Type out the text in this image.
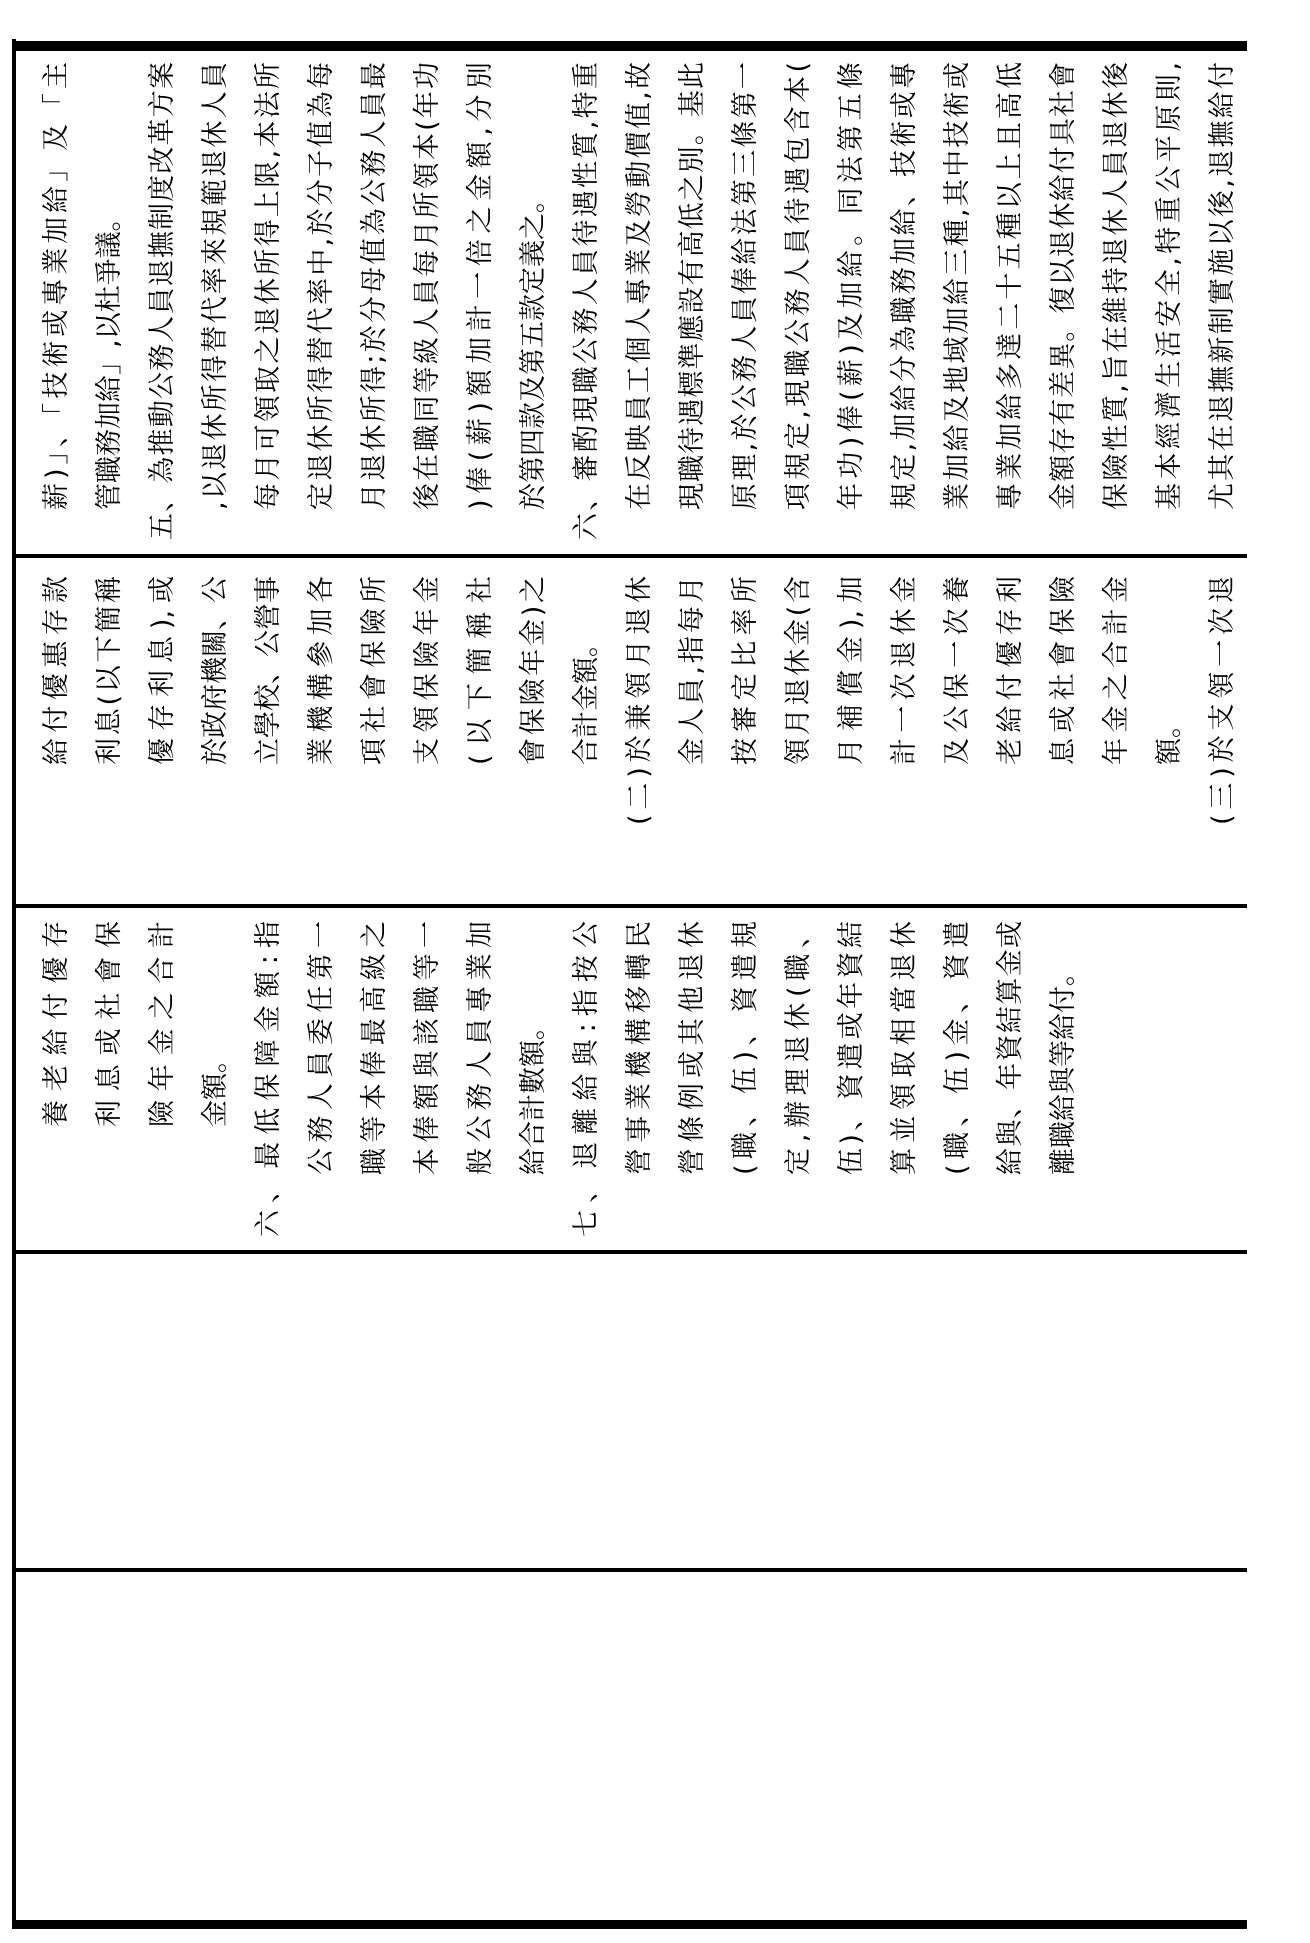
養老給付優存 利息或社會保 險年金之合計 金額。 六、最低保障金額:指 公務人員委任第一 職等本俸最高級之 本俸額與該職等一 般公務人員專業加 給合計數額。 七、退離給與:指按公 營事業機構移轉民 營條例或其他退休 (職、伍)、資遣規 定,辦理退休(職、 伍)、資遣或年資結 算並領取相當退休 (職、伍)金、資遣 給與、年資結算金或 離職給與等給付。
給付優惠存款 利息(以下簡稱 優存利息),或 於政府機關、公 立學校、公營事 業機構參加各 項社會保險所 支領保險年金 (以下簡稱社 會保險年金)之 合計金額。 (二)於兼領月退休 金人員,指每月 按審定比率所 領月退休金(含 月補償金),加 計一次退休金 及公保一次養 老給付優存利 息或社會保險 年金之合計金 額。 (三)於支領一次退
薪)」、「技術或專業加給」及「主 管職務加給」,以杜爭議。 五、為推動公務人員退撫制度改革方案 ,以退休所得替代率來規範退休人員 每月可領取之退休所得上限,本法所 定退休所得替代率中,於分子值為每 月退休所得;於分母值為公務人員最 後在職同等級人員每月所領本(年功 )俸(薪)額加計一倍之金額,分別 於第四款及第五款定義之。 六、審酌現職公務人員待遇性質,特重 在反映員工個人專業及勞動價值,故 現職待遇標準應設有高低之別。基此 原理,於公務人員俸給法第三條第一 項規定,現職公務人員待遇包含本( 年功)俸(薪)及加給。同法第五條 規定,加給分為職務加給、技術或專 業加給及地域加給三種,其中技術或 專業加給多達二十五種以上且高低 金額存有差異。復以退休給付具社會 保險性質,旨在維持退休人員退休後 基本經濟生活安全,特重公平原則, 尤其在退撫新制實施以後,退撫給付
